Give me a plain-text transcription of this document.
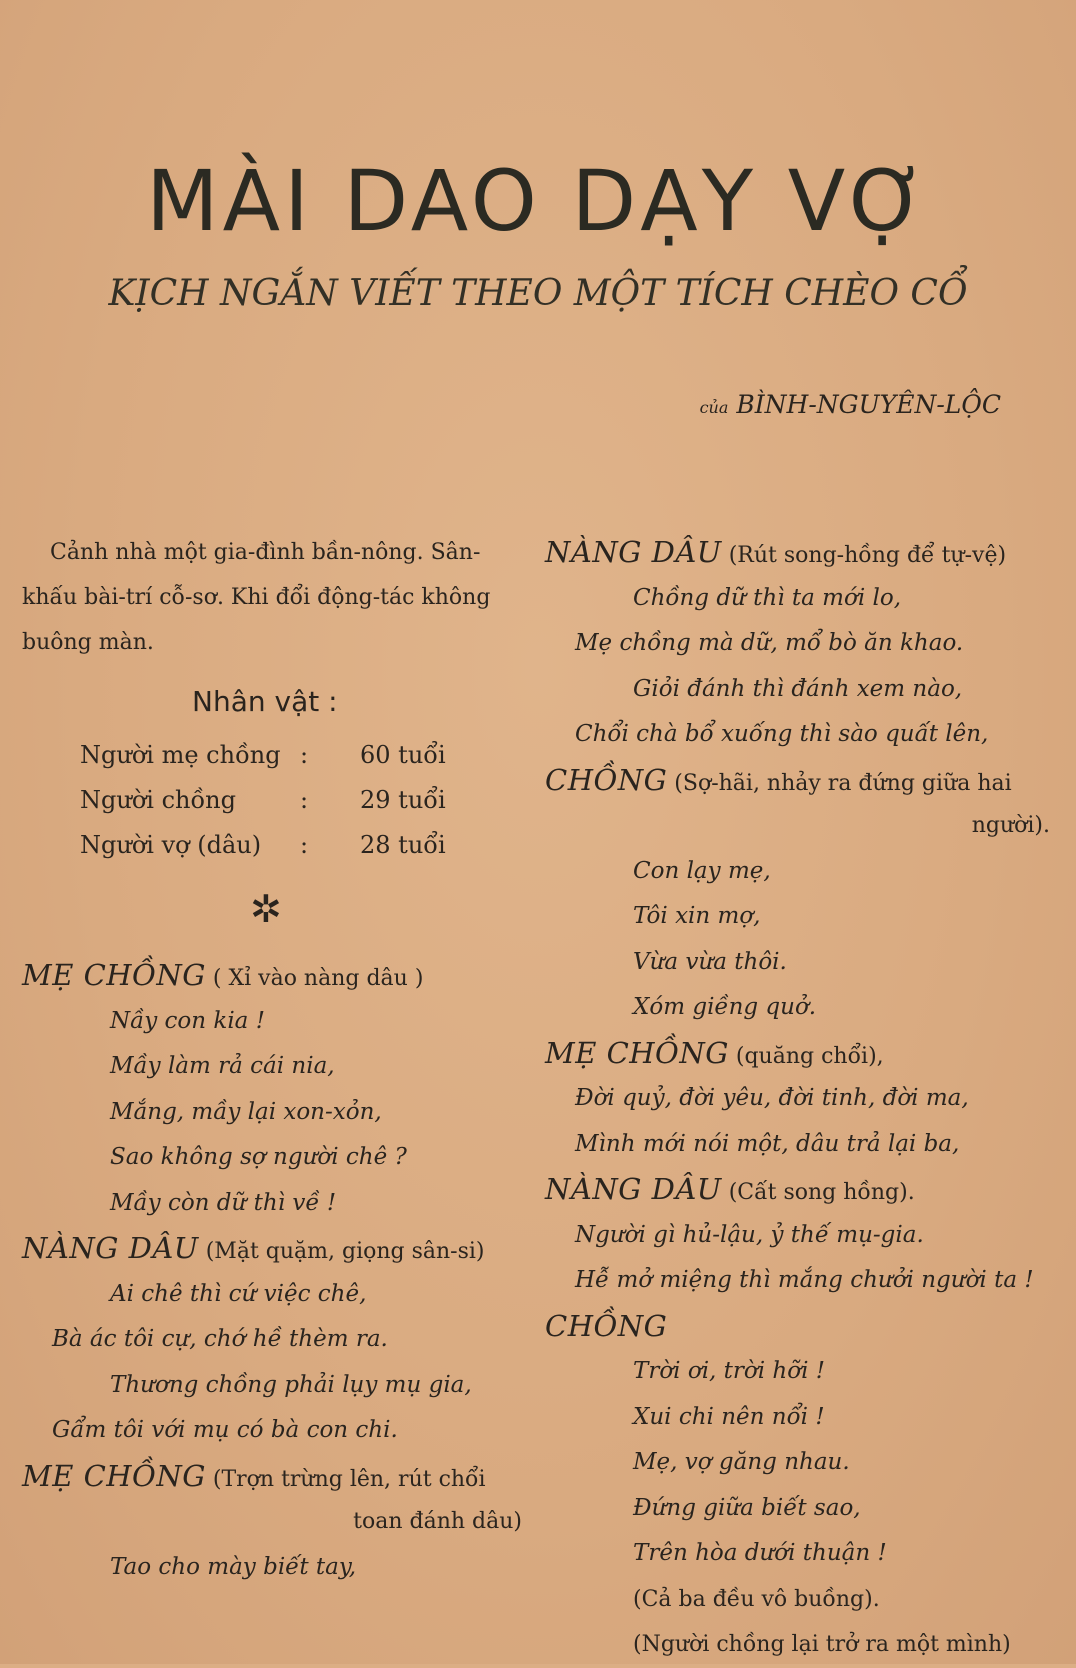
MÀI DAO DẠY VỢ
KỊCH NGẮN VIẾT THEO MỘT TÍCH CHÈO CỔ
của BÌNH-NGUYÊN-LỘC

Cảnh nhà một gia-đình bần-nông. Sân-khấu bài-trí cỗ-sơ. Khi đổi động-tác không buông màn.

Nhân vật :
Người mẹ chồng :	60 tuổi
Người chồng	:	29 tuổi
Người vợ (dâu)	:	28 tuổi
✲
MẸ CHỒNG ( Xỉ vào nàng dâu )
Nầy con kia !
Mầy làm rả cái nia,
Mắng, mầy lại xon-xỏn,
Sao không sợ người chê ?
Mầy còn dữ thì về !
NÀNG DÂU (Mặt quặm, giọng sân-si)
Ai chê thì cứ việc chê,
Bà ác tôi cự, chớ hề thèm ra.
Thương chồng phải lụy mụ gia,
Gẩm tôi với mụ có bà con chi.
MẸ CHỒNG (Trợn trừng lên, rút chổi
toan đánh dâu)
Tao cho mày biết tay,
NÀNG DÂU (Rút song-hồng để tự-vệ)
Chồng dữ thì ta mới lo,
Mẹ chồng mà dữ, mổ bò ăn khao.
Giỏi đánh thì đánh xem nào,
Chổi chà bổ xuống thì sào quất lên,
CHỒNG (Sợ-hãi, nhảy ra đứng giữa hai
người).
Con lạy mẹ,
Tôi xin mợ,
Vừa vừa thôi.
Xóm giềng quở.
MẸ CHỒNG (quăng chổi),
Đời quỷ, đời yêu, đời tinh, đời ma,
Mình mới nói một, dâu trả lại ba,
NÀNG DÂU (Cất song hồng).
Người gì hủ-lậu, ỷ thế mụ-gia.
Hễ mở miệng thì mắng chưởi người ta !
CHỒNG
Trời ơi, trời hỡi !
Xui chi nên nổi !
Mẹ, vợ găng nhau.
Đứng giữa biết sao,
Trên hòa dưới thuận !
(Cả ba đều vô buồng).
(Người chồng lại trở ra một mình)
